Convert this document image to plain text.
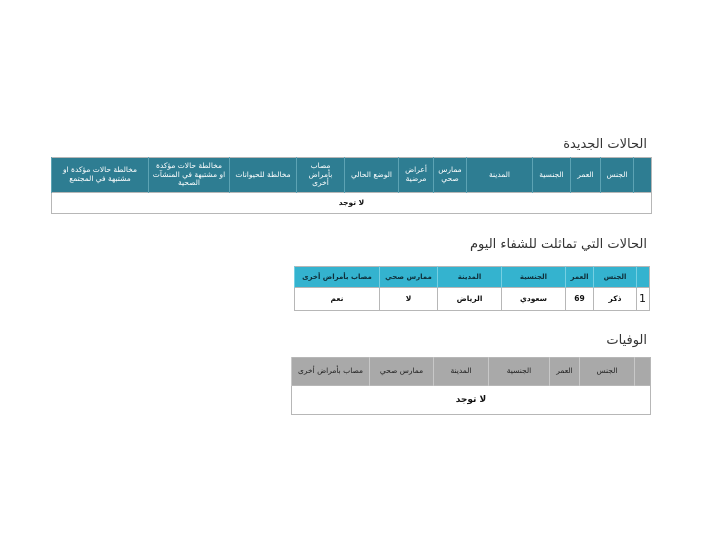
الحالات الجديدة
	الجنس	العمر	الجنسية	المدينة	ممارس صحي	أعراض مرضية	الوضع الحالي	مصاب بأمراض أخرى	مخالطة للحيوانات	مخالطة حالات مؤكدة او مشتبهة في المنشآت الصحية	مخالطة حالات مؤكدة او مشتبهة في المجتمع
لا توجد
الحالات التي تماثلت للشفاء اليوم
	الجنس	العمر	الجنسية	المدينة	ممارس صحي	مصاب بأمراض أخرى
1	ذكر	69	سعودي	الرياض	لا	نعم
الوفيات
	الجنس	العمر	الجنسية	المدينة	ممارس صحي	مصاب بأمراض أخرى
لا توجد
